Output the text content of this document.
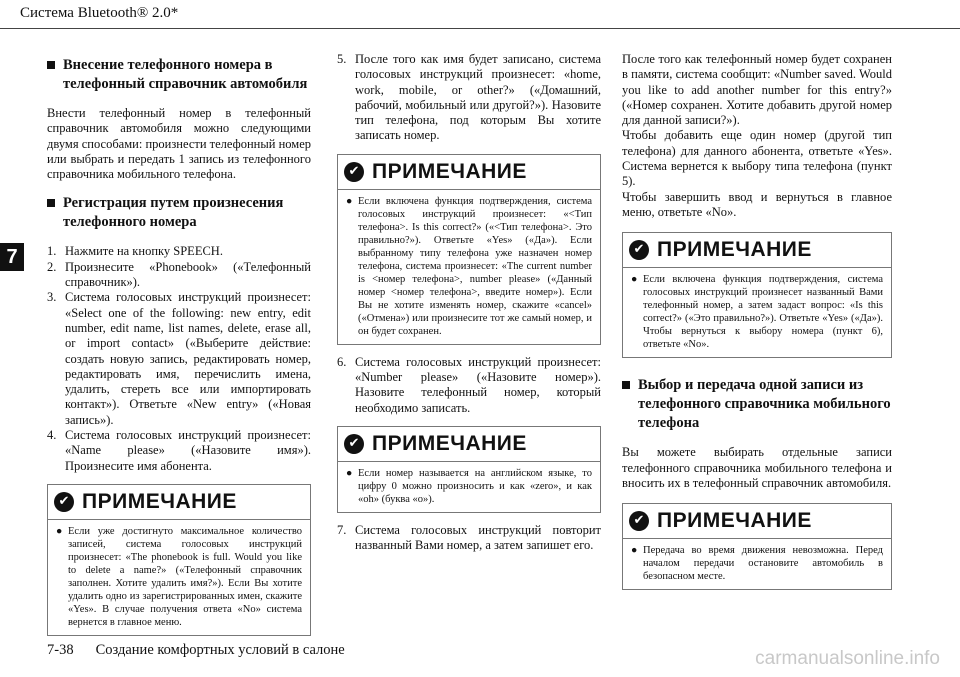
Система Bluetooth® 2.0*
7
Внесение телефонного номера в телефонный справочник автомобиля
Внести телефонный номер в телефонный справочник автомобиля можно следующими двумя способами: произнести телефонный номер или выбрать и передать 1 запись из телефонного справочника мобильного телефона.
Регистрация путем произнесения телефонного номера
1. Нажмите на кнопку SPEECH.
2. Произнесите «Phonebook» («Телефонный справочник»).
3. Система голосовых инструкций произнесет: «Select one of the following: new entry, edit number, edit name, list names, delete, erase all, or import contact» («Выберите действие: создать новую запись, редактировать номер, редактировать имя, перечислить имена, удалить, стереть все или импортировать контакт»). Ответьте «New entry» («Новая запись»).
4. Система голосовых инструкций произнесет: «Name please» («Назовите имя»). Произнесите имя абонента.
✔ ПРИМЕЧАНИЕ
● Если уже достигнуто максимальное количество записей, система голосовых инструкций произнесет: «The phonebook is full. Would you like to delete a name?» («Телефонный справочник заполнен. Хотите удалить имя?»). Если Вы хотите удалить одно из зарегистрированных имен, скажите «Yes». В случае получения ответа «No» система вернется в главное меню.
5. После того как имя будет записано, система голосовых инструкций произнесет: «home, work, mobile, or other?» («Домашний, рабочий, мобильный или другой?»). Назовите тип телефона, под которым Вы хотите записать номер.
✔ ПРИМЕЧАНИЕ
● Если включена функция подтверждения, система голосовых инструкций произнесет: «<Тип телефона>. Is this correct?» («<Тип телефона>. Это правильно?»). Ответьте «Yes» («Да»). Если выбранному типу телефона уже назначен номер телефона, система произнесет: «The current number is <номер телефона>, number please» («Данный номер <номер телефона>, введите номер»). Если Вы не хотите изменять номер, скажите «cancel» («Отмена») или произнесите тот же самый номер, и он будет сохранен.
6. Система голосовых инструкций произнесет: «Number please» («Назовите номер»). Назовите телефонный номер, который необходимо записать.
✔ ПРИМЕЧАНИЕ
● Если номер называется на английском языке, то цифру 0 можно произносить и как «zero», и как «oh» (буква «o»).
7. Система голосовых инструкций повторит названный Вами номер, а затем запишет его.
После того как телефонный номер будет сохранен в памяти, система сообщит: «Number saved. Would you like to add another number for this entry?» («Номер сохранен. Хотите добавить другой номер для данной записи?»).
Чтобы добавить еще один номер (другой тип телефона) для данного абонента, ответьте «Yes». Система вернется к выбору типа телефона (пункт 5).
Чтобы завершить ввод и вернуться в главное меню, ответьте «No».
✔ ПРИМЕЧАНИЕ
● Если включена функция подтверждения, система голосовых инструкций произнесет названный Вами телефонный номер, а затем задаст вопрос: «Is this correct?» («Это правильно?»). Ответьте «Yes» («Да»). Чтобы вернуться к выбору номера (пункт 6), ответьте «No».
Выбор и передача одной записи из телефонного справочника мобильного телефона
Вы можете выбирать отдельные записи телефонного справочника мобильного телефона и вносить их в телефонный справочник автомобиля.
✔ ПРИМЕЧАНИЕ
● Передача во время движения невозможна. Перед началом передачи остановите автомобиль в безопасном месте.
7-38 Создание комфортных условий в салоне	carmanualsonline.info
